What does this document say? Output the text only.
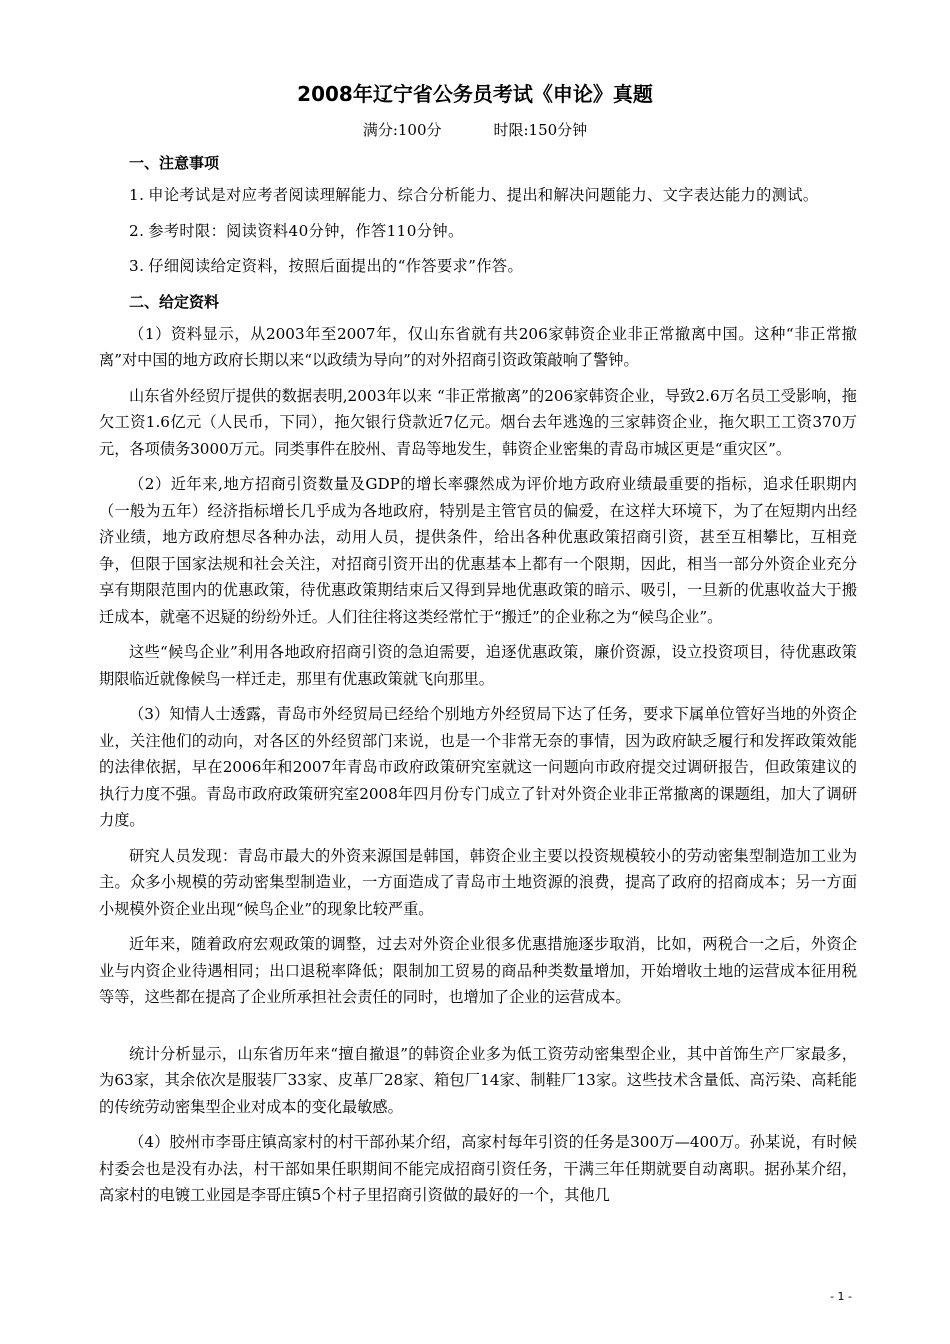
2008年辽宁省公务员考试《申论》真题
满分:100分	时限:150分钟
一、注意事项
1. 申论考试是对应考者阅读理解能力、综合分析能力、提出和解决问题能力、文字表达能力的测试。
2. 参考时限：阅读资料40分钟，作答110分钟。
3. 仔细阅读给定资料，按照后面提出的“作答要求”作答。
二、给定资料

（1）资料显示，从2003年至2007年，仅山东省就有共206家韩资企业非正常撤离中国。这种“非正常撤离”对中国的地方政府长期以来“以政绩为导向”的对外招商引资政策敲响了警钟。

山东省外经贸厅提供的数据表明,2003年以来 “非正常撤离”的206家韩资企业，导致2.6万名员工受影响，拖欠工资1.6亿元（人民币，下同），拖欠银行贷款近7亿元。烟台去年逃逸的三家韩资企业，拖欠职工工资370万元，各项债务3000万元。同类事件在胶州、青岛等地发生，韩资企业密集的青岛市城区更是“重灾区”。

（2）近年来,地方招商引资数量及GDP的增长率骤然成为评价地方政府业绩最重要的指标，追求任职期内（一般为五年）经济指标增长几乎成为各地政府，特别是主管官员的偏爱，在这样大环境下，为了在短期内出经济业绩，地方政府想尽各种办法，动用人员，提供条件，给出各种优惠政策招商引资，甚至互相攀比，互相竞争，但限于国家法规和社会关注，对招商引资开出的优惠基本上都有一个限期，因此，相当一部分外资企业充分享有期限范围内的优惠政策，待优惠政策期结束后又得到异地优惠政策的暗示、吸引，一旦新的优惠收益大于搬迁成本，就毫不迟疑的纷纷外迁。人们往往将这类经常忙于“搬迁”的企业称之为“候鸟企业”。

这些“候鸟企业”利用各地政府招商引资的急迫需要，追逐优惠政策，廉价资源，设立投资项目，待优惠政策期限临近就像候鸟一样迁走，那里有优惠政策就飞向那里。

（3）知情人士透露，青岛市外经贸局已经给个别地方外经贸局下达了任务，要求下属单位管好当地的外资企业，关注他们的动向，对各区的外经贸部门来说，也是一个非常无奈的事情，因为政府缺乏履行和发挥政策效能的法律依据，早在2006年和2007年青岛市政府政策研究室就这一问题向市政府提交过调研报告，但政策建议的执行力度不强。青岛市政府政策研究室2008年四月份专门成立了针对外资企业非正常撤离的课题组，加大了调研力度。

研究人员发现：青岛市最大的外资来源国是韩国，韩资企业主要以投资规模较小的劳动密集型制造加工业为主。众多小规模的劳动密集型制造业，一方面造成了青岛市土地资源的浪费，提高了政府的招商成本；另一方面小规模外资企业出现“候鸟企业”的现象比较严重。

近年来，随着政府宏观政策的调整，过去对外资企业很多优惠措施逐步取消，比如，两税合一之后，外资企业与内资企业待遇相同；出口退税率降低；限制加工贸易的商品种类数量增加，开始增收土地的运营成本征用税等等，这些都在提高了企业所承担社会责任的同时，也增加了企业的运营成本。

统计分析显示，山东省历年来“擅自撤退”的韩资企业多为低工资劳动密集型企业，其中首饰生产厂家最多，为63家，其余依次是服装厂33家、皮革厂28家、箱包厂14家、制鞋厂13家。这些技术含量低、高污染、高耗能的传统劳动密集型企业对成本的变化最敏感。

（4）胶州市李哥庄镇高家村的村干部孙某介绍，高家村每年引资的任务是300万—400万。孙某说，有时候村委会也是没有办法，村干部如果任职期间不能完成招商引资任务，干满三年任期就要自动离职。据孙某介绍，高家村的电镀工业园是李哥庄镇5个村子里招商引资做的最好的一个，其他几

- 1 -
